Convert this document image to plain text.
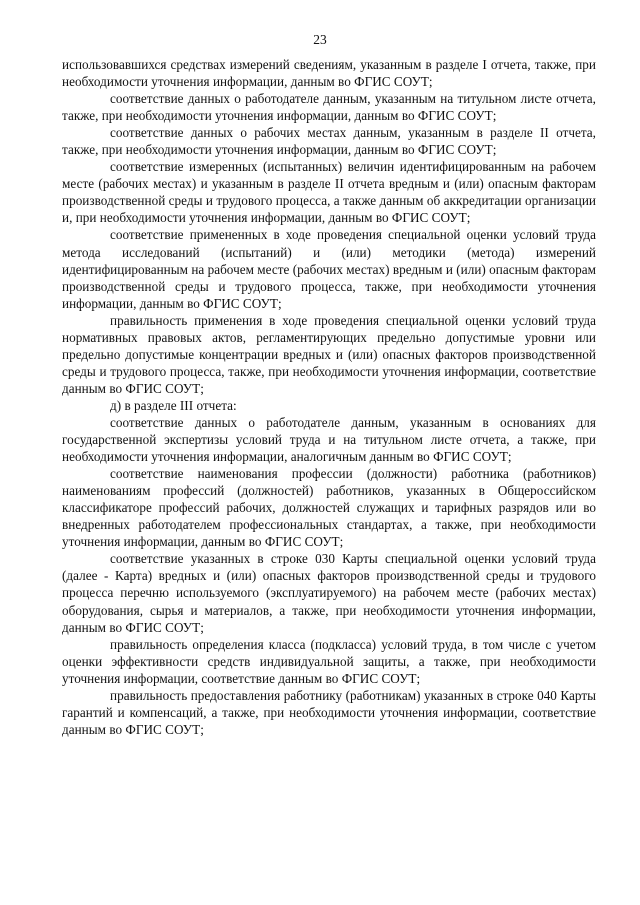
23

использовавшихся средствах измерений сведениям, указанным в разделе I отчета, также, при необходимости уточнения информации, данным во ФГИС СОУТ;

соответствие данных о работодателе данным, указанным на титульном листе отчета, также, при необходимости уточнения информации, данным во ФГИС СОУТ;

соответствие данных о рабочих местах данным, указанным в разделе II отчета, также, при необходимости уточнения информации, данным во ФГИС СОУТ;

соответствие измеренных (испытанных) величин идентифицированным на рабочем месте (рабочих местах) и указанным в разделе II отчета вредным и (или) опасным факторам производственной среды и трудового процесса, а также данным об аккредитации организации и, при необходимости уточнения информации, данным во ФГИС СОУТ;

соответствие примененных в ходе проведения специальной оценки условий труда метода исследований (испытаний) и (или) методики (метода) измерений идентифицированным на рабочем месте (рабочих местах) вредным и (или) опасным факторам производственной среды и трудового процесса, также, при необходимости уточнения информации, данным во ФГИС СОУТ;

правильность применения в ходе проведения специальной оценки условий труда нормативных правовых актов, регламентирующих предельно допустимые уровни или предельно допустимые концентрации вредных и (или) опасных факторов производственной среды и трудового процесса, также, при необходимости уточнения информации, соответствие данным во ФГИС СОУТ;

д) в разделе III отчета:

соответствие данных о работодателе данным, указанным в основаниях для государственной экспертизы условий труда и на титульном листе отчета, а также, при необходимости уточнения информации, аналогичным данным во ФГИС СОУТ;

соответствие наименования профессии (должности) работника (работников) наименованиям профессий (должностей) работников, указанных в Общероссийском классификаторе профессий рабочих, должностей служащих и тарифных разрядов или во внедренных работодателем профессиональных стандартах, а также, при необходимости уточнения информации, данным во ФГИС СОУТ;

соответствие указанных в строке 030 Карты специальной оценки условий труда (далее - Карта) вредных и (или) опасных факторов производственной среды и трудового процесса перечню используемого (эксплуатируемого) на рабочем месте (рабочих местах) оборудования, сырья и материалов, а также, при необходимости уточнения информации, данным во ФГИС СОУТ;

правильность определения класса (подкласса) условий труда, в том числе с учетом оценки эффективности средств индивидуальной защиты, а также, при необходимости уточнения информации, соответствие данным во ФГИС СОУТ;

правильность предоставления работнику (работникам) указанных в строке 040 Карты гарантий и компенсаций, а также, при необходимости уточнения информации, соответствие данным во ФГИС СОУТ;
